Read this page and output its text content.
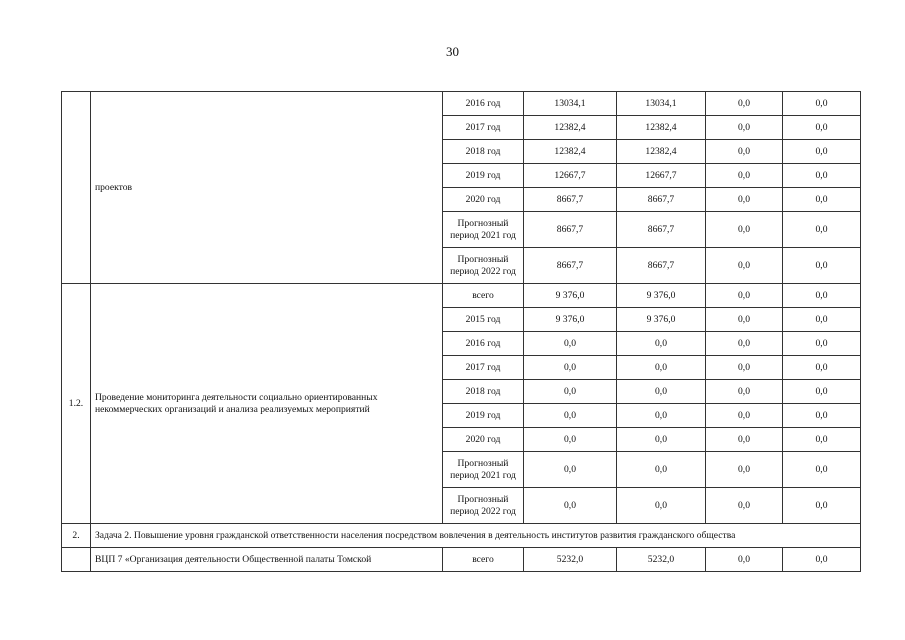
30
	проектов	2016 год	13034,1	13034,1	0,0	0,0
		2017 год	12382,4	12382,4	0,0	0,0
		2018 год	12382,4	12382,4	0,0	0,0
		2019 год	12667,7	12667,7	0,0	0,0
		2020 год	8667,7	8667,7	0,0	0,0
		Прогнозный период 2021 год	8667,7	8667,7	0,0	0,0
		Прогнозный период 2022 год	8667,7	8667,7	0,0	0,0
1.2.	Проведение мониторинга деятельности социально ориентированных некоммерческих организаций и анализа реализуемых мероприятий	всего	9 376,0	9 376,0	0,0	0,0
		2015 год	9 376,0	9 376,0	0,0	0,0
		2016 год	0,0	0,0	0,0	0,0
		2017 год	0,0	0,0	0,0	0,0
		2018 год	0,0	0,0	0,0	0,0
		2019 год	0,0	0,0	0,0	0,0
		2020 год	0,0	0,0	0,0	0,0
		Прогнозный период 2021 год	0,0	0,0	0,0	0,0
		Прогнозный период 2022 год	0,0	0,0	0,0	0,0
2.	Задача 2. Повышение уровня гражданской ответственности населения посредством вовлечения в деятельность институтов развития гражданского общества					
	ВЦП 7 «Организация деятельности Общественной палаты Томской	всего	5232,0	5232,0	0,0	0,0
